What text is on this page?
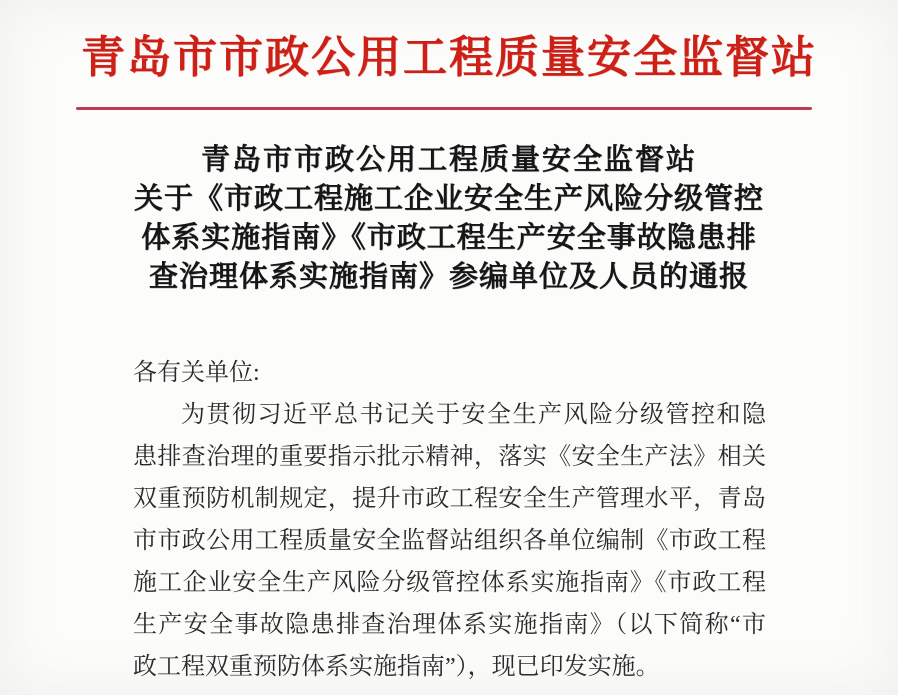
青岛市市政公用工程质量安全监督站
青岛市市政公用工程质量安全监督站
关于《市政工程施工企业安全生产风险分级管控
体系实施指南》《市政工程生产安全事故隐患排
查治理体系实施指南》参编单位及人员的通报
各有关单位:
为贯彻习近平总书记关于安全生产风险分级管控和隐
患排查治理的重要指示批示精神，落实《安全生产法》相关
双重预防机制规定，提升市政工程安全生产管理水平，青岛
市市政公用工程质量安全监督站组织各单位编制《市政工程
施工企业安全生产风险分级管控体系实施指南》《市政工程
生产安全事故隐患排查治理体系实施指南》（以下简称“市
政工程双重预防体系实施指南”），现已印发实施。
